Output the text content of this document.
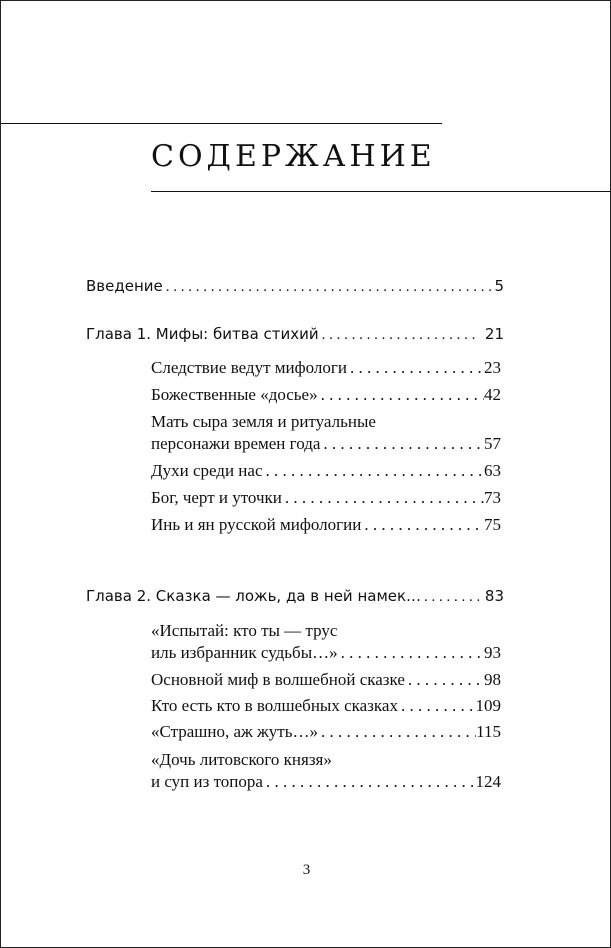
СОДЕРЖАНИЕ
Введение . . .	5
Глава 1. Мифы: битва стихий . . .	21
Следствие ведут мифологи . . .	23
Божественные «досье» . . .	42
Мать сыра земля и ритуальные
персонажи времен года . . .	57
Духи среди нас . . .	63
Бог, черт и уточки . . .	73
Инь и ян русской мифологии . . .	75
Глава 2. Сказка — ложь, да в ней намек… . . .	83
«Испытай: кто ты — трус
иль избранник судьбы…» . . .	93
Основной миф в волшебной сказке . . .	98
Кто есть кто в волшебных сказках . . .	109
«Страшно, аж жуть…» . . .	115
«Дочь литовского князя»
и суп из топора . . .	124
3
